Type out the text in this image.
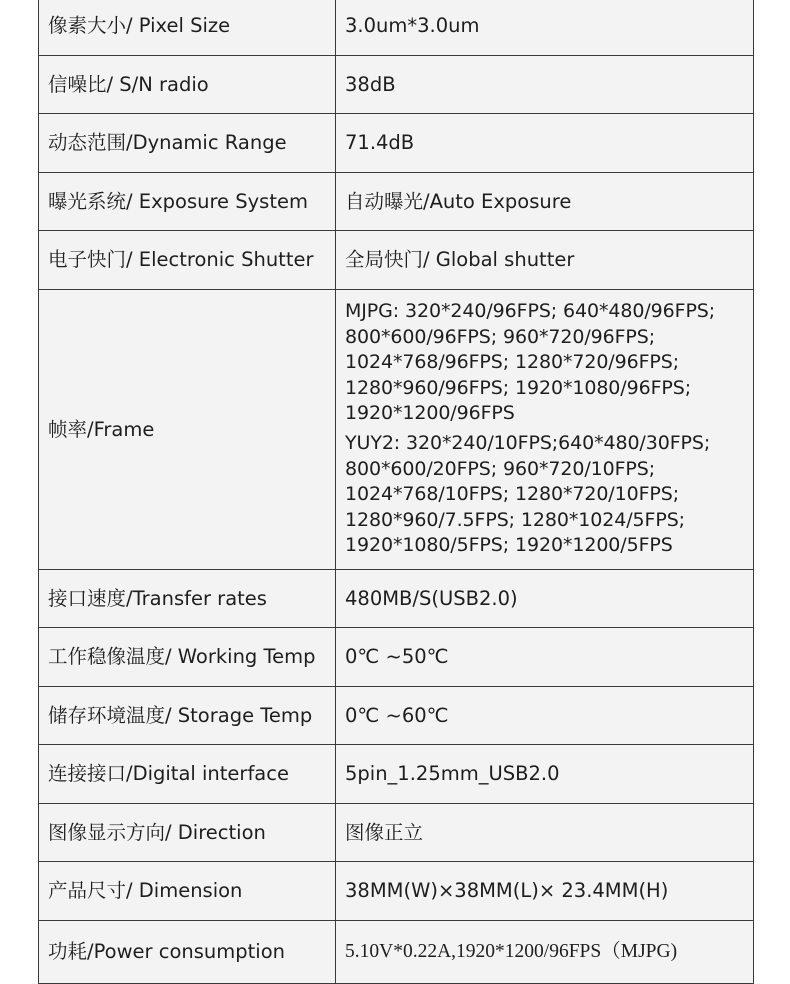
像素大小/ Pixel Size	3.0um*3.0um
信噪比/ S/N radio	38dB
动态范围/Dynamic Range	71.4dB
曝光系统/ Exposure System	自动曝光/Auto Exposure
电子快门/ Electronic Shutter	全局快门/ Global shutter
帧率/Frame	MJPG: 320*240/96FPS; 640*480/96FPS; 800*600/96FPS; 960*720/96FPS; 1024*768/96FPS; 1280*720/96FPS; 1280*960/96FPS; 1920*1080/96FPS; 1920*1200/96FPS
YUY2: 320*240/10FPS;640*480/30FPS; 800*600/20FPS; 960*720/10FPS; 1024*768/10FPS; 1280*720/10FPS; 1280*960/7.5FPS; 1280*1024/5FPS; 1920*1080/5FPS; 1920*1200/5FPS

接口速度/Transfer rates	480MB/S(USB2.0)
工作稳像温度/ Working Temp	0℃ ~50℃
储存环境温度/ Storage Temp	0℃ ~60℃
连接接口/Digital interface	5pin_1.25mm_USB2.0
图像显示方向/ Direction	图像正立
产品尺寸/ Dimension	38MM(W)×38MM(L)× 23.4MM(H)
功耗/Power consumption	5.10V*0.22A,1920*1200/96FPS（MJPG)
